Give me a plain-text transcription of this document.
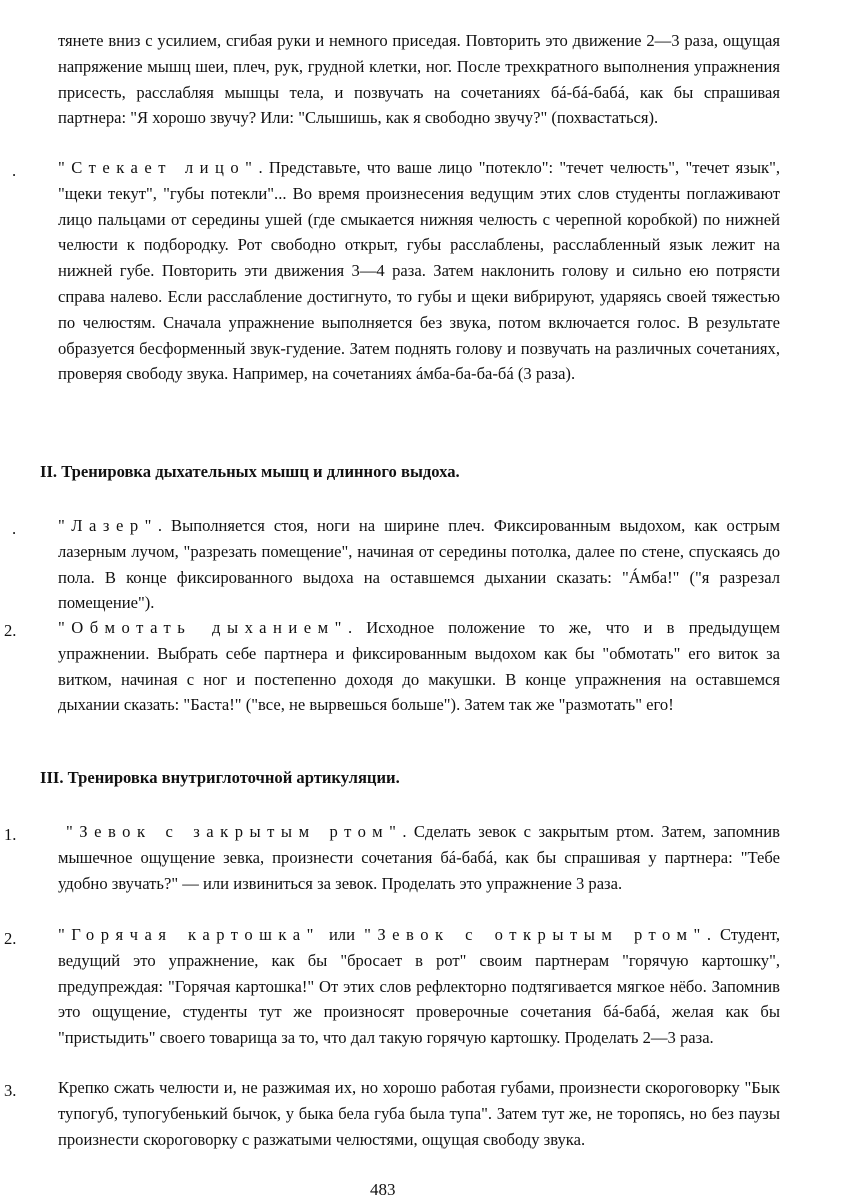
тянете вниз с усилием, сгибая руки и немного приседая. Повторить это движение 2—3 раза, ощущая напряжение мышц шеи, плеч, рук, грудной клетки, ног. После трехкратного выполнения упражнения присесть, расслабляя мышцы тела, и позвучать на сочетаниях бá-бá-бабá, как бы спрашивая партнера: "Я хорошо звучу? Или: "Слышишь, как я свободно звучу?" (похвастаться).

.	"Стекает лицо". Представьте, что ваше лицо "потекло": "течет челюсть", "течет язык", "щеки текут", "губы потекли"... Во время произнесения ведущим этих слов студенты поглаживают лицо пальцами от середины ушей (где смыкается нижняя челюсть с черепной коробкой) по нижней челюсти к подбородку. Рот свободно открыт, губы расслаблены, расслабленный язык лежит на нижней губе. Повторить эти движения 3—4 раза. Затем наклонить голову и сильно ею потрясти справа налево. Если расслабление достигнуто, то губы и щеки вибрируют, ударяясь своей тяжестью по челюстям. Сначала упражнение выполняется без звука, потом включается голос. В результате образуется бесформенный звук-гудение. Затем поднять голову и позвучать на различных сочетаниях, проверяя свободу звука. Например, на сочетаниях áмба-ба-ба-бá (3 раза).

II. Тренировка дыхательных мышц и длинного выдоха.
.	"Лазер". Выполняется стоя, ноги на ширине плеч. Фиксированным выдохом, как острым лазерным лучом, "разрезать помещение", начиная от середины потолка, далее по стене, спускаясь до пола. В конце фиксированного выдоха на оставшемся дыхании сказать: "Áмба!" ("я разрезал помещение").

2.	"Обмотать дыханием". Исходное положение то же, что и в предыдущем упражнении. Выбрать себе партнера и фиксированным выдохом как бы "обмотать" его виток за витком, начиная с ног и постепенно доходя до макушки. В конце упражнения на оставшемся дыхании сказать: "Баста!" ("все, не вырвешься больше"). Затем так же "размотать" его!

III. Тренировка внутриглоточной артикуляции.
1.	"Зевок с закрытым ртом". Сделать зевок с закрытым ртом. Затем, запомнив мышечное ощущение зевка, произнести сочетания бá-бабá, как бы спрашивая у партнера: "Тебе удобно звучать?" — или извиниться за зевок. Проделать это упражнение 3 раза.

2.	"Горячая картошка" или "Зевок с открытым ртом". Студент, ведущий это упражнение, как бы "бросает в рот" своим партнерам "горячую картошку", предупреждая: "Горячая картошка!" От этих слов рефлекторно подтягивается мягкое нёбо. Запомнив это ощущение, студенты тут же произносят проверочные сочетания бá-бабá, желая как бы "пристыдить" своего товарища за то, что дал такую горячую картошку. Проделать 2—3 раза.

3.	Крепко сжать челюсти и, не разжимая их, но хорошо работая губами, произнести скороговорку "Бык тупогуб, тупогубенький бычок, у быка бела губа была тупа". Затем тут же, не торопясь, но без паузы произнести скороговорку с разжатыми челюстями, ощущая свободу звука.

483
